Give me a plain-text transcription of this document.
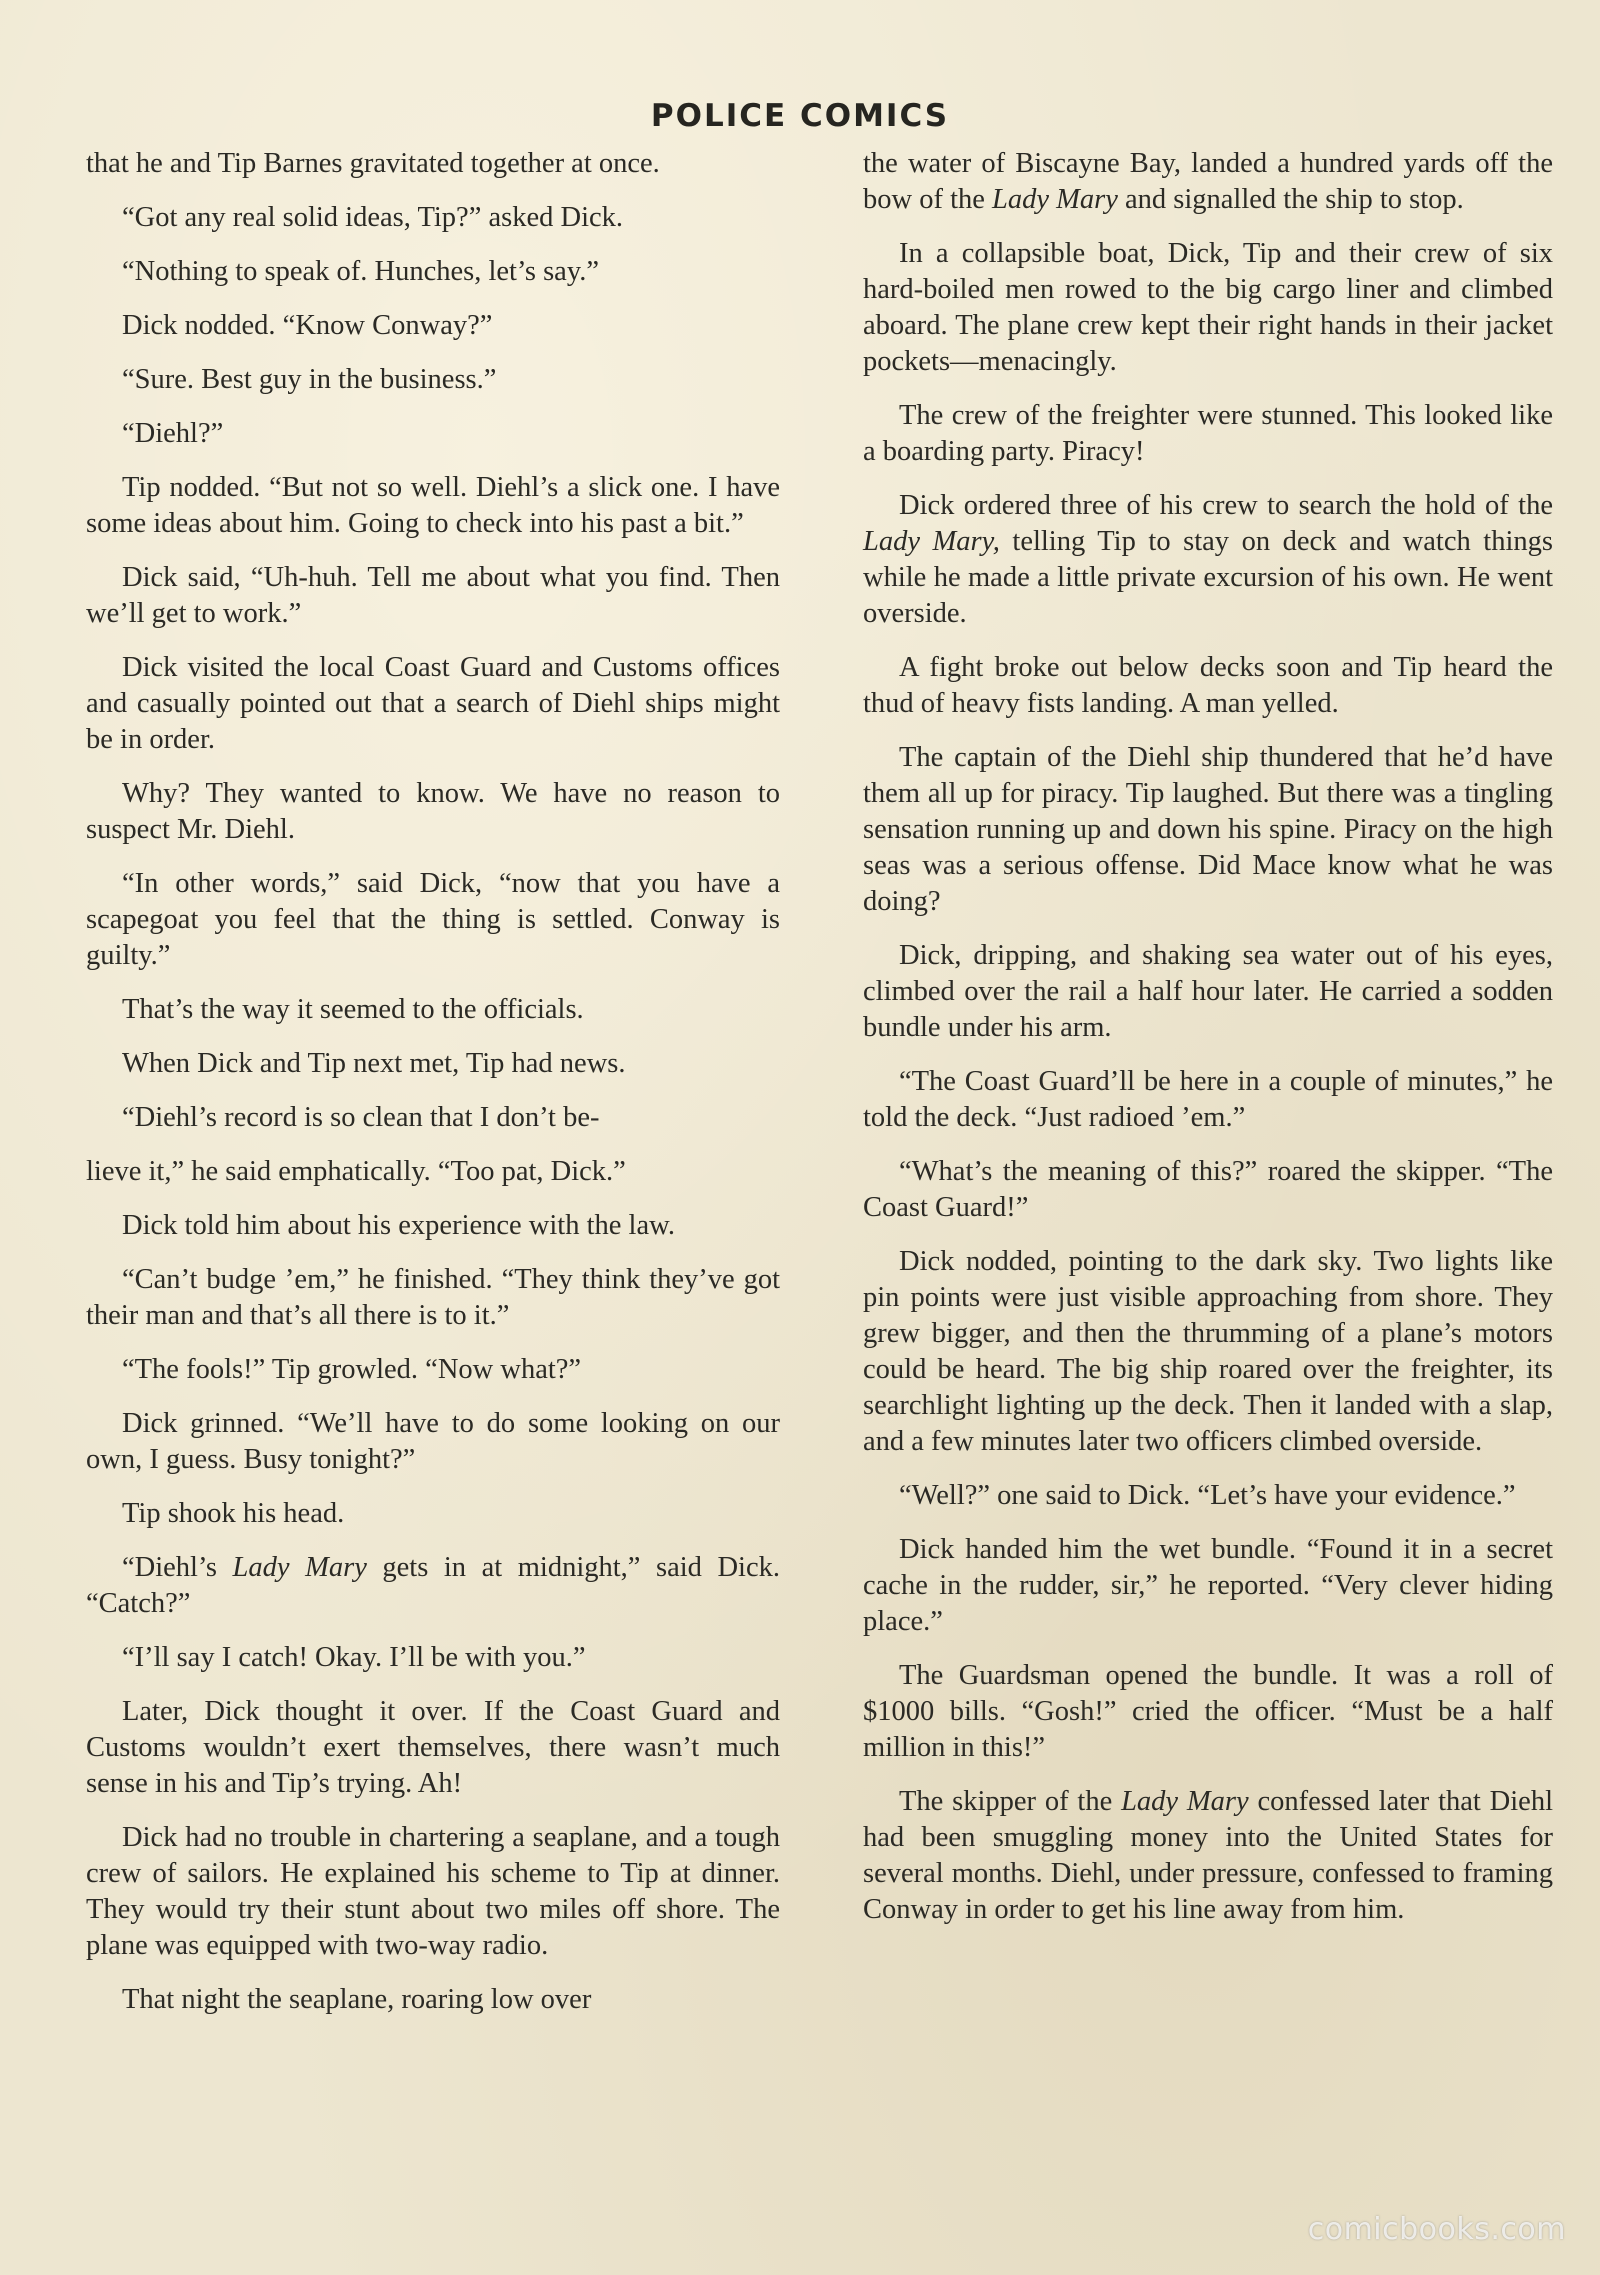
POLICE COMICS

that he and Tip Barnes gravitated together at once.

“Got any real solid ideas, Tip?” asked Dick.

“Nothing to speak of. Hunches, let’s say.”

Dick nodded. “Know Conway?”

“Sure. Best guy in the business.”

“Diehl?”

Tip nodded. “But not so well. Diehl’s a slick one. I have some ideas about him. Going to check into his past a bit.”

Dick said, “Uh-huh. Tell me about what you find. Then we’ll get to work.”

Dick visited the local Coast Guard and Customs offices and casually pointed out that a search of Diehl ships might be in order.

Why? They wanted to know. We have no reason to suspect Mr. Diehl.

“In other words,” said Dick, “now that you have a scapegoat you feel that the thing is settled. Conway is guilty.”

That’s the way it seemed to the officials.

When Dick and Tip next met, Tip had news.

“Diehl’s record is so clean that I don’t be-

lieve it,” he said emphatically. “Too pat, Dick.”

Dick told him about his experience with the law.

“Can’t budge ’em,” he finished. “They think they’ve got their man and that’s all there is to it.”

“The fools!” Tip growled. “Now what?”

Dick grinned. “We’ll have to do some looking on our own, I guess. Busy tonight?”

Tip shook his head.

“Diehl’s Lady Mary gets in at midnight,” said Dick. “Catch?”

“I’ll say I catch! Okay. I’ll be with you.”

Later, Dick thought it over. If the Coast Guard and Customs wouldn’t exert themselves, there wasn’t much sense in his and Tip’s trying. Ah!

Dick had no trouble in chartering a seaplane, and a tough crew of sailors. He explained his scheme to Tip at dinner. They would try their stunt about two miles off shore. The plane was equipped with two-way radio.

That night the seaplane, roaring low over

the water of Biscayne Bay, landed a hundred yards off the bow of the Lady Mary and signalled the ship to stop.

In a collapsible boat, Dick, Tip and their crew of six hard-boiled men rowed to the big cargo liner and climbed aboard. The plane crew kept their right hands in their jacket pockets—menacingly.

The crew of the freighter were stunned. This looked like a boarding party. Piracy!

Dick ordered three of his crew to search the hold of the Lady Mary, telling Tip to stay on deck and watch things while he made a little private excursion of his own. He went overside.

A fight broke out below decks soon and Tip heard the thud of heavy fists landing. A man yelled.

The captain of the Diehl ship thundered that he’d have them all up for piracy. Tip laughed. But there was a tingling sensation running up and down his spine. Piracy on the high seas was a serious offense. Did Mace know what he was doing?

Dick, dripping, and shaking sea water out of his eyes, climbed over the rail a half hour later. He carried a sodden bundle under his arm.

“The Coast Guard’ll be here in a couple of minutes,” he told the deck. “Just radioed ’em.”

“What’s the meaning of this?” roared the skipper. “The Coast Guard!”

Dick nodded, pointing to the dark sky. Two lights like pin points were just visible approaching from shore. They grew bigger, and then the thrumming of a plane’s motors could be heard. The big ship roared over the freighter, its searchlight lighting up the deck. Then it landed with a slap, and a few minutes later two officers climbed overside.

“Well?” one said to Dick. “Let’s have your evidence.”

Dick handed him the wet bundle. “Found it in a secret cache in the rudder, sir,” he reported. “Very clever hiding place.”

The Guardsman opened the bundle. It was a roll of $1000 bills. “Gosh!” cried the officer. “Must be a half million in this!”

The skipper of the Lady Mary confessed later that Diehl had been smuggling money into the United States for several months. Diehl, under pressure, confessed to framing Conway in order to get his line away from him.

comicbooks.com
